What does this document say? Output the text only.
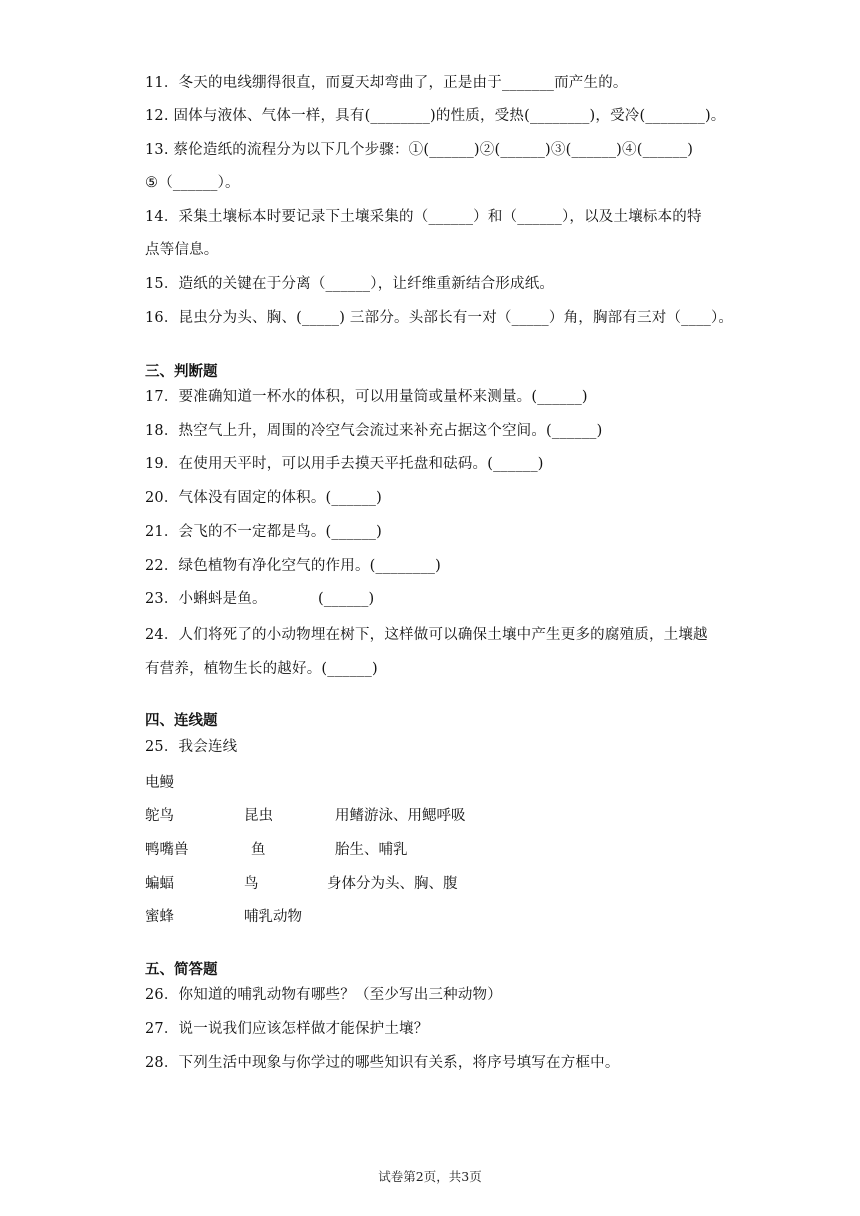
11．冬天的电线绷得很直，而夏天却弯曲了，正是由于_______而产生的。
12. 固体与液体、气体一样，具有(________)的性质，受热(________)，受冷(________)。
13. 蔡伦造纸的流程分为以下几个步骤：①(______)②(______)③(______)④(______)
⑤（______）。
14．采集土壤标本时要记录下土壤采集的（______）和（______），以及土壤标本的特
点等信息。
15．造纸的关键在于分离（______），让纤维重新结合形成纸。
16．昆虫分为头、胸、(_____) 三部分。头部长有一对（_____）角，胸部有三对（____）。
三、判断题
17．要准确知道一杯水的体积，可以用量筒或量杯来测量。(______)
18．热空气上升，周围的冷空气会流过来补充占据这个空间。(______)
19．在使用天平时，可以用手去摸天平托盘和砝码。(______)
20．气体没有固定的体积。(______)
21．会飞的不一定都是鸟。(______)
22．绿色植物有净化空气的作用。(________)
23．小蝌蚪是鱼。	(______)
24．人们将死了的小动物埋在树下，这样做可以确保土壤中产生更多的腐殖质，土壤越
有营养，植物生长的越好。(______)
四、连线题
25．我会连线
电鳗
鸵鸟
鸭嘴兽
蝙蝠
蜜蜂
昆虫
鱼
鸟
哺乳动物
用鳍游泳、用鳃呼吸
胎生、哺乳
身体分为头、胸、腹
五、简答题
26．你知道的哺乳动物有哪些？（至少写出三种动物）
27．说一说我们应该怎样做才能保护土壤？
28．下列生活中现象与你学过的哪些知识有关系，将序号填写在方框中。
试卷第2页，共3页
